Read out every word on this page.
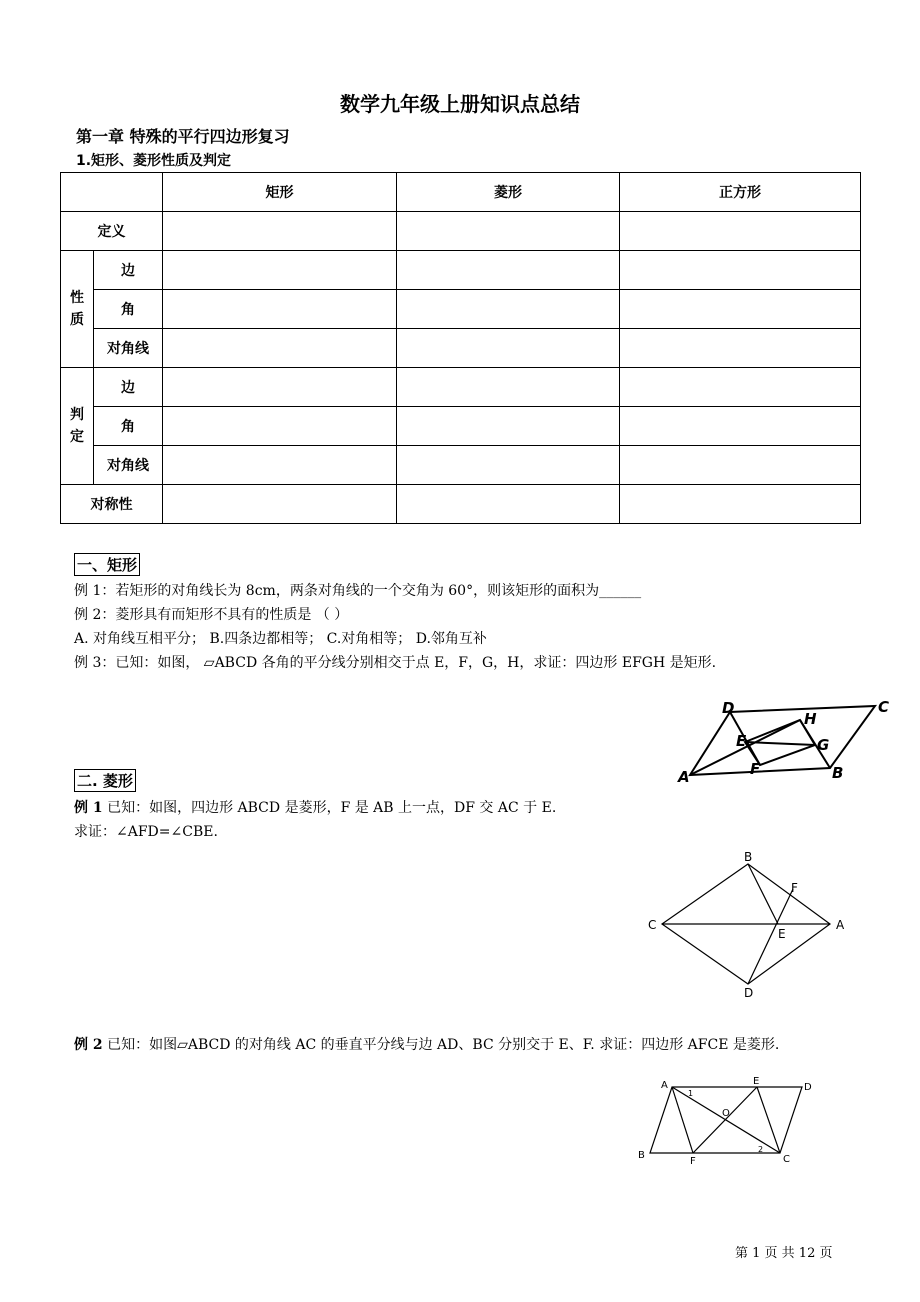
数学九年级上册知识点总结
第一章 特殊的平行四边形复习
1.矩形、菱形性质及判定
		矩形	菱形	正方形
定义				
性质	边			
	角			
	对角线			
判定	边			
	角			
	对角线			
对称性				
一、矩形
例 1：若矩形的对角线长为 8cm，两条对角线的一个交角为 60°，则该矩形的面积为______
例 2：菱形具有而矩形不具有的性质是 （ ）
A. 对角线互相平分； B.四条边都相等； C.对角相等； D.邻角互补
例 3：已知：如图， ▱ABCD 各角的平分线分别相交于点 E，F，G，H，求证：四边形 EFGH 是矩形.
A	B
C
D
E
F
G
H
A
B
C
D
E
F
A
B	C
D
E
F
O
1
2
二. 菱形
例 1 已知：如图，四边形 ABCD 是菱形，F 是 AB 上一点，DF 交 AC 于 E.
求证：∠AFD=∠CBE.
例 2 已知：如图▱ABCD 的对角线 AC 的垂直平分线与边 AD、BC 分别交于 E、F. 求证：四边形 AFCE 是菱形.
第 1 页 共 12 页
